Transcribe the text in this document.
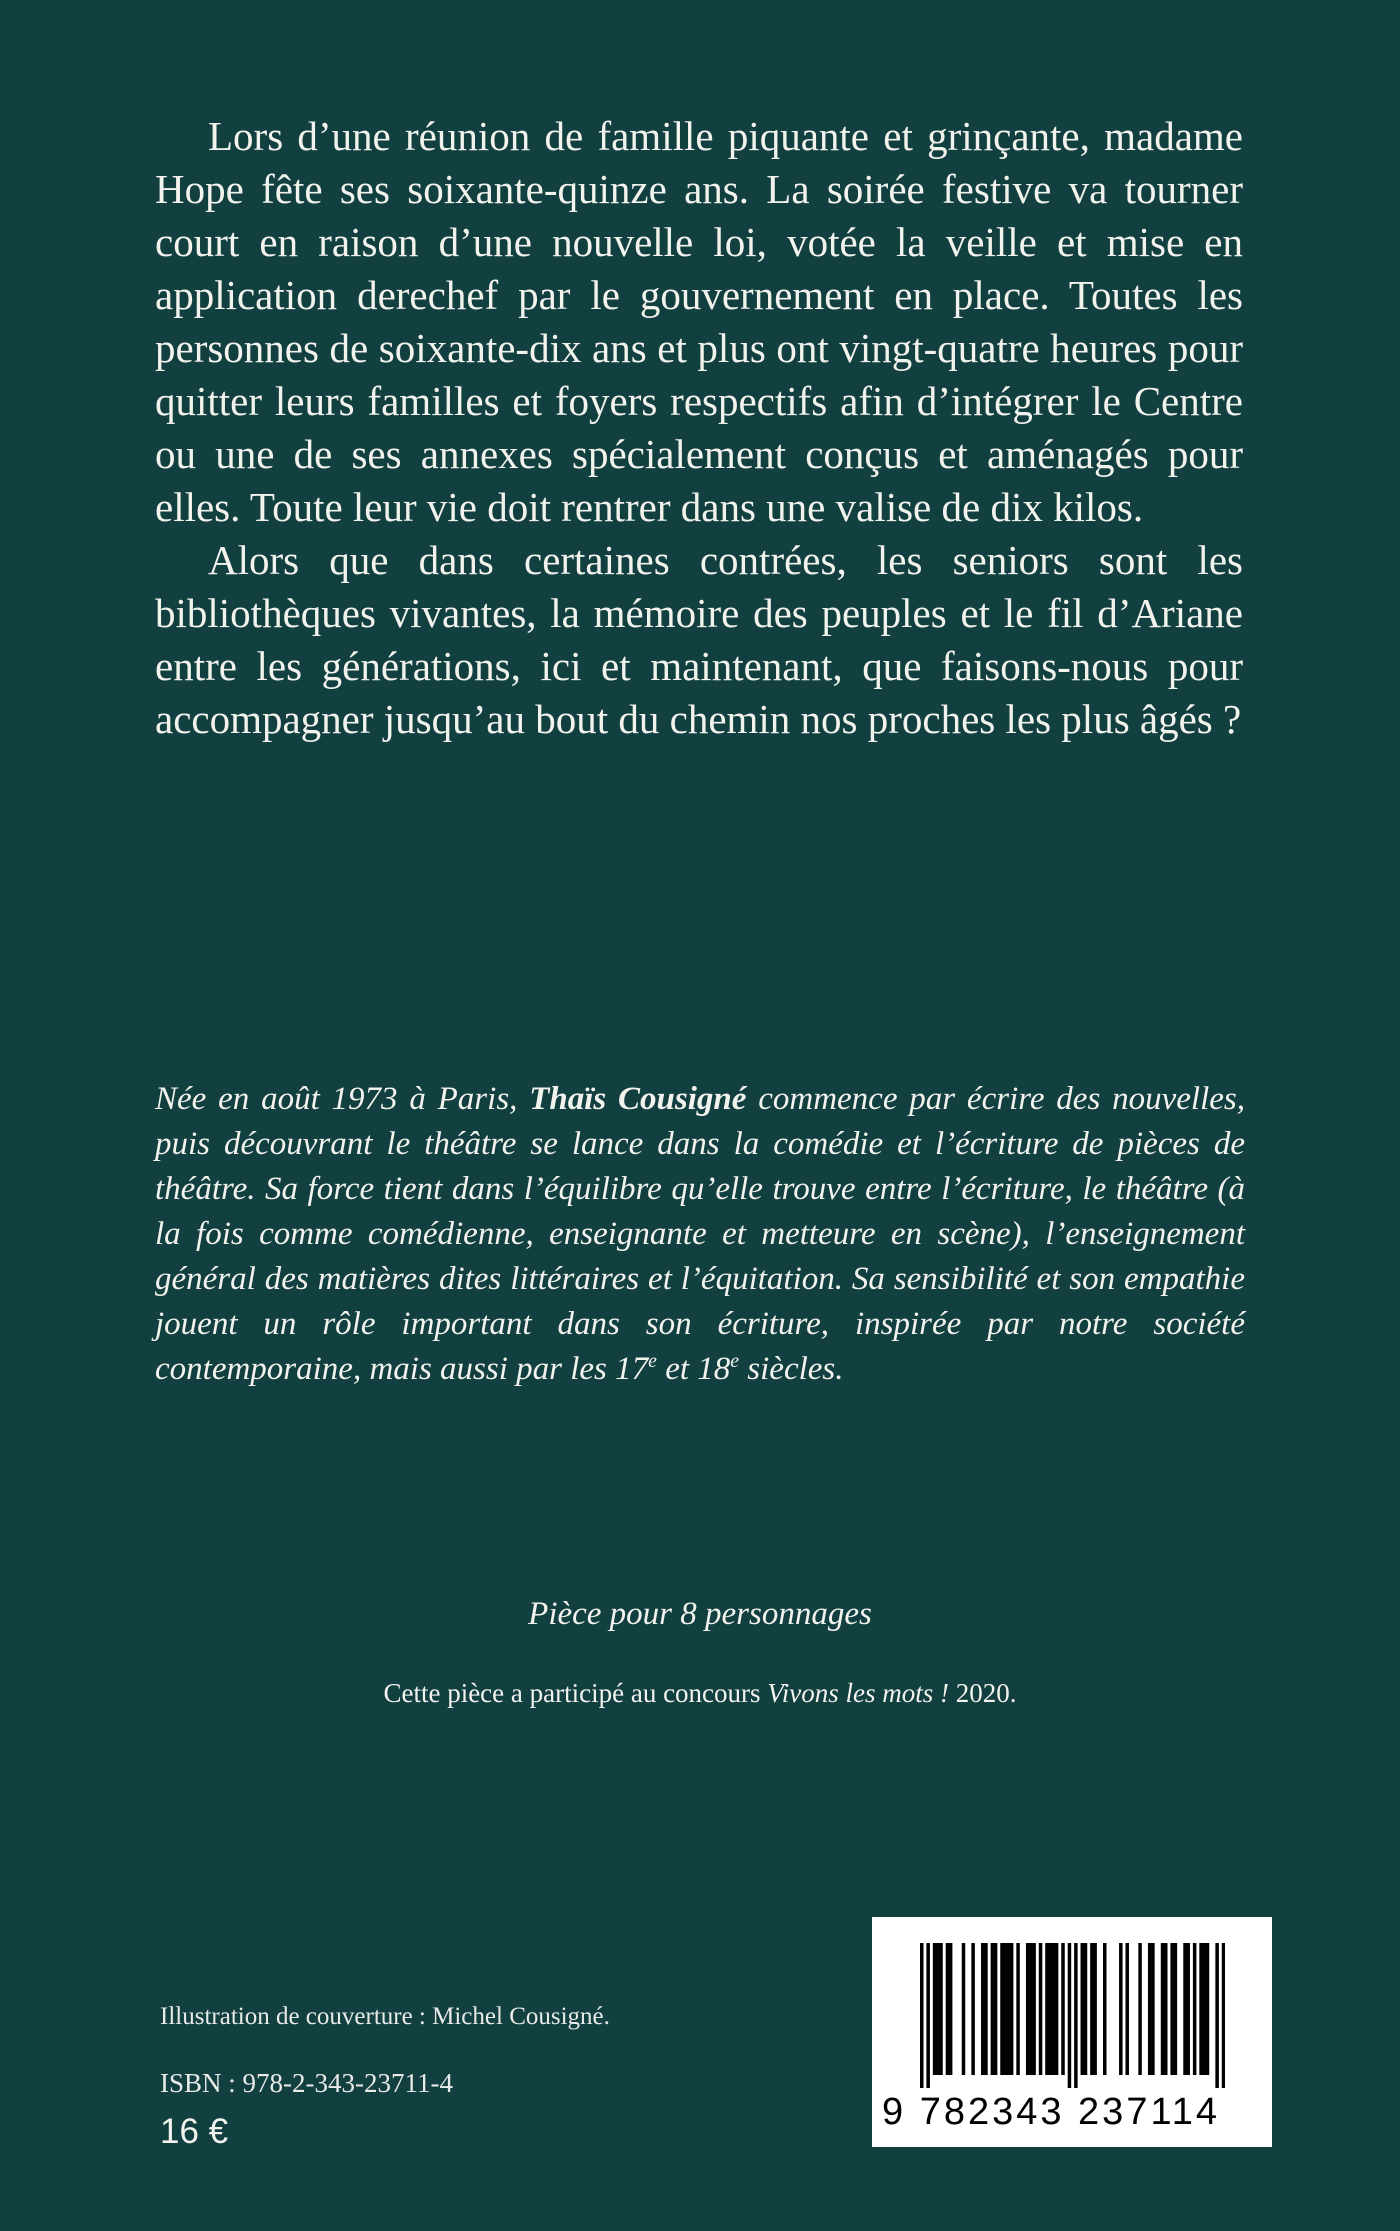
Lors d’une réunion de famille piquante et grinçante, madame Hope fête ses soixante-quinze ans. La soirée festive va tourner court en raison d’une nouvelle loi, votée la veille et mise en application derechef par le gouvernement en place. Toutes les personnes de soixante-dix ans et plus ont vingt-quatre heures pour quitter leurs familles et foyers respectifs afin d’intégrer le Centre ou une de ses annexes spécialement conçus et aménagés pour elles. Toute leur vie doit rentrer dans une valise de dix kilos.

Alors que dans certaines contrées, les seniors sont les bibliothèques vivantes, la mémoire des peuples et le fil d’Ariane entre les générations, ici et maintenant, que faisons-nous pour accompagner jusqu’au bout du chemin nos proches les plus âgés ?

Née en août 1973 à Paris, Thaïs Cousigné commence par écrire des nouvelles, puis découvrant le théâtre se lance dans la comédie et l’écriture de pièces de théâtre. Sa force tient dans l’équilibre qu’elle trouve entre l’écriture, le théâtre (à la fois comme comédienne, enseignante et metteure en scène), l’enseignement général des matières dites littéraires et l’équitation. Sa sensibilité et son empathie jouent un rôle important dans son écriture, inspirée par notre société contemporaine, mais aussi par les 17e et 18e siècles.

Pièce pour 8 personnages
Cette pièce a participé au concours Vivons les mots ! 2020.
Illustration de couverture : Michel Cousigné.
ISBN : 978-2-343-23711-4
16 €	9 782343 237114
